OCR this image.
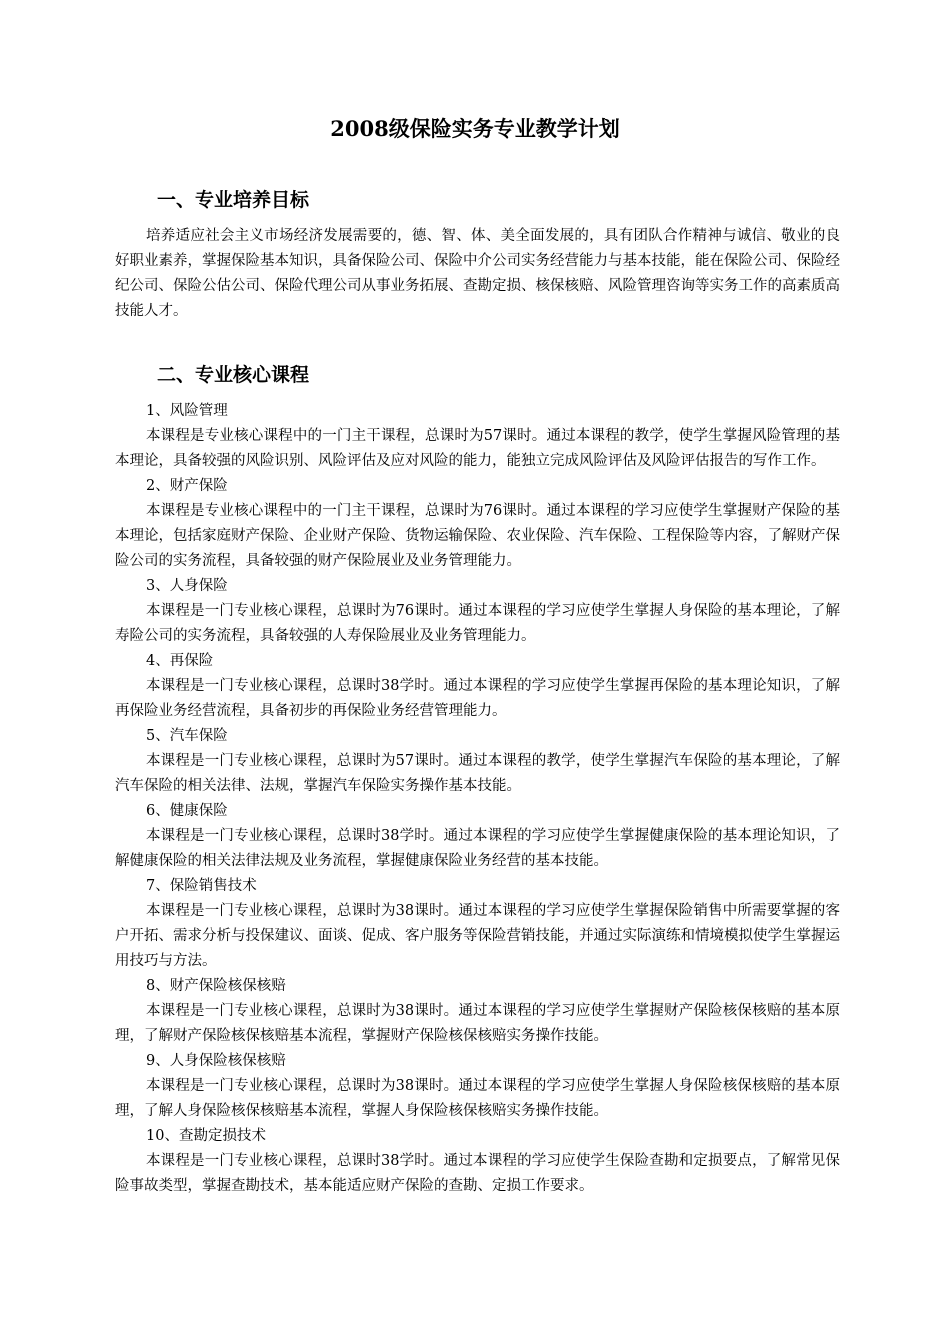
2008级保险实务专业教学计划
一、专业培养目标

培养适应社会主义市场经济发展需要的，德、智、体、美全面发展的，具有团队合作精神与诚信、敬业的良好职业素养，掌握保险基本知识，具备保险公司、保险中介公司实务经营能力与基本技能，能在保险公司、保险经纪公司、保险公估公司、保险代理公司从事业务拓展、查勘定损、核保核赔、风险管理咨询等实务工作的高素质高技能人才。

二、专业核心课程

1、风险管理

本课程是专业核心课程中的一门主干课程，总课时为57课时。通过本课程的教学，使学生掌握风险管理的基本理论，具备较强的风险识别、风险评估及应对风险的能力，能独立完成风险评估及风险评估报告的写作工作。

2、财产保险

本课程是专业核心课程中的一门主干课程，总课时为76课时。通过本课程的学习应使学生掌握财产保险的基本理论，包括家庭财产保险、企业财产保险、货物运输保险、农业保险、汽车保险、工程保险等内容，了解财产保险公司的实务流程，具备较强的财产保险展业及业务管理能力。

3、人身保险

本课程是一门专业核心课程，总课时为76课时。通过本课程的学习应使学生掌握人身保险的基本理论，了解寿险公司的实务流程，具备较强的人寿保险展业及业务管理能力。

4、再保险

本课程是一门专业核心课程，总课时38学时。通过本课程的学习应使学生掌握再保险的基本理论知识，了解再保险业务经营流程，具备初步的再保险业务经营管理能力。

5、汽车保险

本课程是一门专业核心课程，总课时为57课时。通过本课程的教学，使学生掌握汽车保险的基本理论，了解汽车保险的相关法律、法规，掌握汽车保险实务操作基本技能。

6、健康保险

本课程是一门专业核心课程，总课时38学时。通过本课程的学习应使学生掌握健康保险的基本理论知识，了解健康保险的相关法律法规及业务流程，掌握健康保险业务经营的基本技能。

7、保险销售技术

本课程是一门专业核心课程，总课时为38课时。通过本课程的学习应使学生掌握保险销售中所需要掌握的客户开拓、需求分析与投保建议、面谈、促成、客户服务等保险营销技能，并通过实际演练和情境模拟使学生掌握运用技巧与方法。

8、财产保险核保核赔

本课程是一门专业核心课程，总课时为38课时。通过本课程的学习应使学生掌握财产保险核保核赔的基本原理，了解财产保险核保核赔基本流程，掌握财产保险核保核赔实务操作技能。

9、人身保险核保核赔

本课程是一门专业核心课程，总课时为38课时。通过本课程的学习应使学生掌握人身保险核保核赔的基本原理，了解人身保险核保核赔基本流程，掌握人身保险核保核赔实务操作技能。

10、查勘定损技术

本课程是一门专业核心课程，总课时38学时。通过本课程的学习应使学生保险查勘和定损要点，了解常见保险事故类型，掌握查勘技术，基本能适应财产保险的查勘、定损工作要求。
